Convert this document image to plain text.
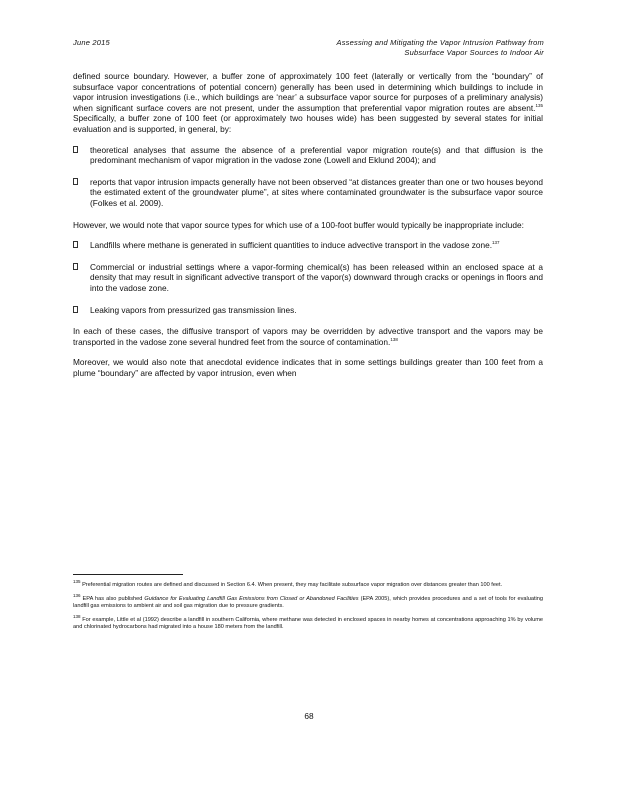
June 2015	Assessing and Mitigating the Vapor Intrusion Pathway from
Subsurface Vapor Sources to Indoor Air

defined source boundary. However, a buffer zone of approximately 100 feet (laterally or vertically from the “boundary” of subsurface vapor concentrations of potential concern) generally has been used in determining which buildings to include in vapor intrusion investigations (i.e., which buildings are ‘near’ a subsurface vapor source for purposes of a preliminary analysis) when significant surface covers are not present, under the assumption that preferential vapor migration routes are absent.$^{135}$ Specifically, a buffer zone of 100 feet (or approximately two houses wide) has been suggested by several states for initial evaluation and is supported, in general, by:

theoretical analyses that assume the absence of a preferential vapor migration route(s) and that diffusion is the predominant mechanism of vapor migration in the vadose zone (Lowell and Eklund 2004); and
reports that vapor intrusion impacts generally have not been observed “at distances greater than one or two houses beyond the estimated extent of the groundwater plume”, at sites where contaminated groundwater is the subsurface vapor source (Folkes et al. 2009).

However, we would note that vapor source types for which use of a 100-foot buffer would typically be inappropriate include:

Landfills where methane is generated in sufficient quantities to induce advective transport in the vadose zone.$^{137}$
Commercial or industrial settings where a vapor-forming chemical(s) has been released within an enclosed space at a density that may result in significant advective transport of the vapor(s) downward through cracks or openings in floors and into the vadose zone.
Leaking vapors from pressurized gas transmission lines.

In each of these cases, the diffusive transport of vapors may be overridden by advective transport and the vapors may be transported in the vadose zone several hundred feet from the source of contamination.$^{138}$

Moreover, we would also note that anecdotal evidence indicates that in some settings buildings greater than 100 feet from a plume “boundary” are affected by vapor intrusion, even when

$^{135}$ Preferential migration routes are defined and discussed in Section 6.4. When present, they may facilitate subsurface vapor migration over distances greater than 100 feet.

$^{136}$ EPA has also published Guidance for Evaluating Landfill Gas Emissions from Closed or Abandoned Facilities (EPA 2005), which provides procedures and a set of tools for evaluating landfill gas emissions to ambient air and soil gas migration due to pressure gradients.

$^{138}$ For example, Little et al (1992) describe a landfill in southern California, where methane was detected in enclosed spaces in nearby homes at concentrations approaching 1% by volume and chlorinated hydrocarbons had migrated into a house 180 meters from the landfill.

68
